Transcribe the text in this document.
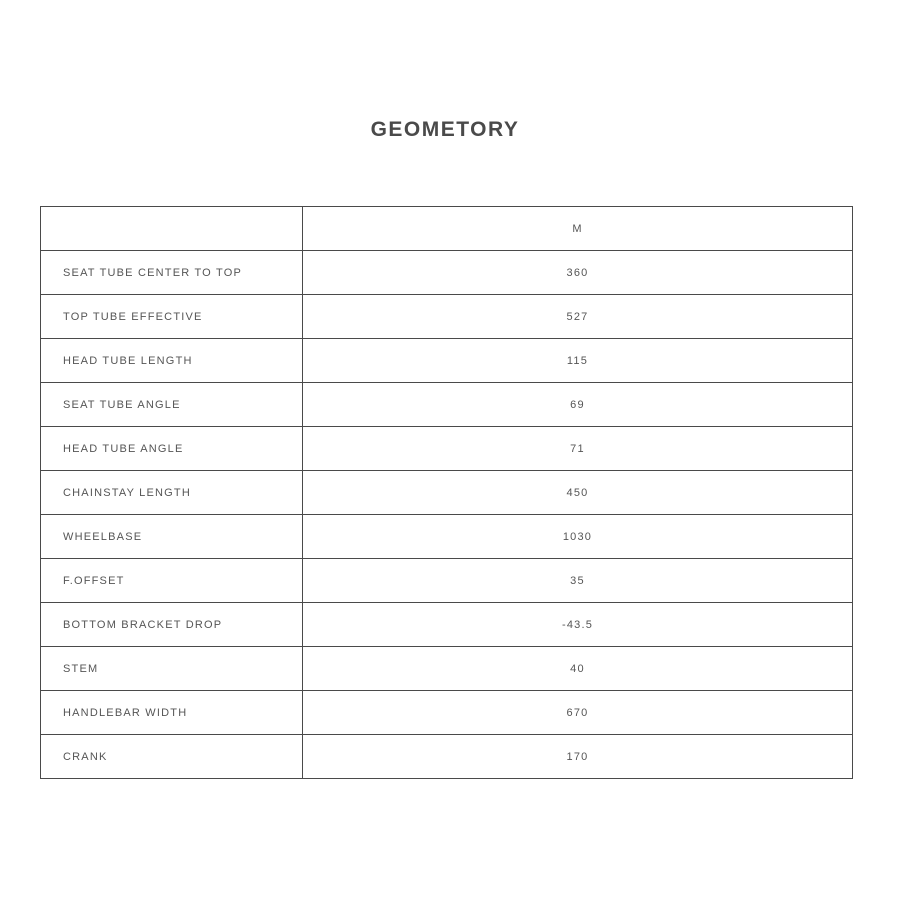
GEOMETORY
	M
SEAT TUBE CENTER TO TOP	360
TOP TUBE EFFECTIVE	527
HEAD TUBE LENGTH	115
SEAT TUBE ANGLE	69
HEAD TUBE ANGLE	71
CHAINSTAY LENGTH	450
WHEELBASE	1030
F.OFFSET	35
BOTTOM BRACKET DROP	-43.5
STEM	40
HANDLEBAR WIDTH	670
CRANK	170
